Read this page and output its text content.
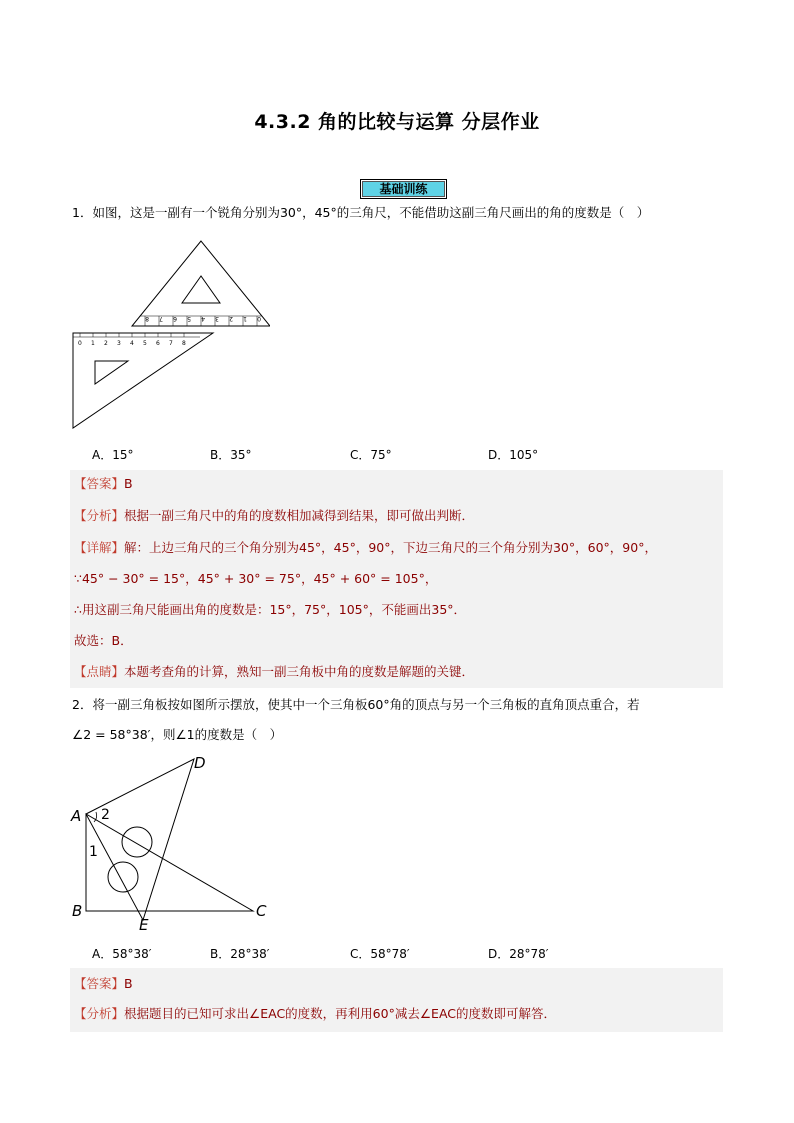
4.3.2 角的比较与运算 分层作业
基础训练
1．如图，这是一副有一个锐角分别为30°，45°的三角尺，不能借助这副三角尺画出的角的度数是（　）
0
1
2
3
4
5
6
7
8
0 1 2 3 4 5 6 7 8
A．15°	B．35°	C．75°	D．105°
【答案】B
【分析】根据一副三角尺中的角的度数相加减得到结果，即可做出判断．
【详解】解：上边三角尺的三个角分别为45°，45°，90°，下边三角尺的三个角分别为30°，60°，90°，
∵45° − 30° = 15°，45° + 30° = 75°，45° + 60° = 105°，
∴用这副三角尺能画出角的度数是：15°，75°，105°，不能画出35°．
故选：B．
【点睛】本题考查角的计算，熟知一副三角板中角的度数是解题的关键．
2．将一副三角板按如图所示摆放，使其中一个三角板60°角的顶点与另一个三角板的直角顶点重合，若
∠2 = 58°38′，则∠1的度数是（　）
A
B	C
D
E
2
1
A．58°38′	B．28°38′	C．58°78′	D．28°78′
【答案】B
【分析】根据题目的已知可求出∠EAC的度数，再利用60°减去∠EAC的度数即可解答．
